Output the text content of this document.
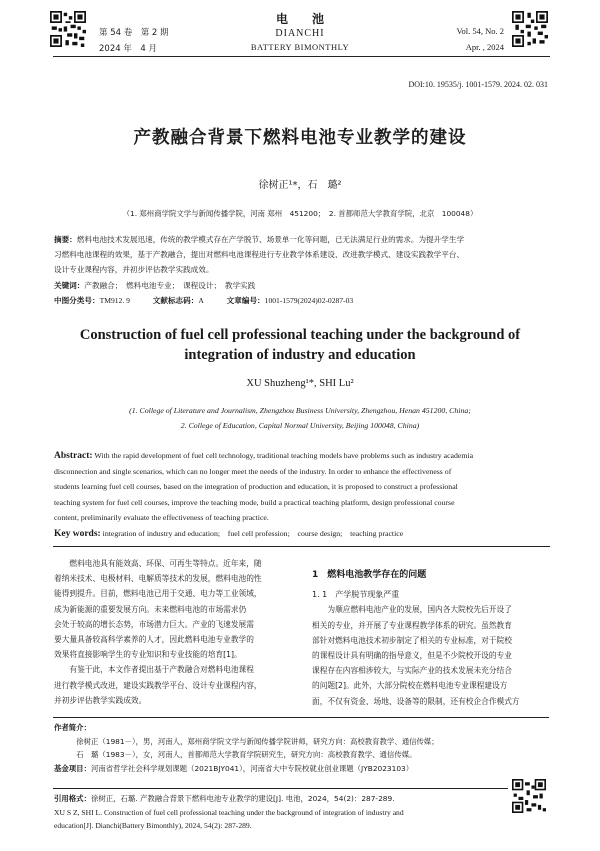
第 54 卷　第 2 期
2024 年　4 月
电　　池
DIANCHI
BATTERY BIMONTHLY
Vol. 54, No. 2
Apr. , 2024
DOI:10. 19535/j. 1001-1579. 2024. 02. 031
产教融合背景下燃料电池专业教学的建设
徐树正¹*，石　璐²
（1. 郑州商学院文学与新闻传播学院，河南 郑州　451200；　2. 首都师范大学教育学院，北京　100048）
摘要：燃料电池技术发展迅速，传统的教学模式存在产学脱节、场景单一化等问题，已无法满足行业的需求。为提升学生学
习燃料电池课程的效果，基于产教融合，提出对燃料电池课程进行专业教学体系建设、改进教学模式、建设实践教学平台、
设计专业课程内容，并初步评估教学实践成效。
关键词：产教融合；　燃料电池专业；　课程设计；　教学实践
中图分类号：TM912. 9	文献标志码：A	文章编号：1001-1579(2024)02-0287-03
Construction of fuel cell professional teaching under the background of
integration of industry and education
XU Shuzheng¹*, SHI Lu²
(1. College of Literature and Journalism, Zhengzhou Business University, Zhengzhou, Henan 451200, China;
2. College of Education, Capital Normal University, Beijing 100048, China)
Abstract: With the rapid development of fuel cell technology, traditional teaching models have problems such as industry academia
disconnection and single scenarios, which can no longer meet the needs of the industry. In order to enhance the effectiveness of
students learning fuel cell courses, based on the integration of production and education, it is proposed to construct a professional
teaching system for fuel cell courses, improve the teaching mode, build a practical teaching platform, design professional course
content, preliminarily evaluate the effectiveness of teaching practice.
Key words: integration of industry and education;　fuel cell profession;　course design;　teaching practice
燃料电池具有能效高、环保、可再生等特点。近年来，随
着纳米技术、电极材料、电解质等技术的发展，燃料电池的性
能得到提升。目前，燃料电池已用于交通、电力等工业领域，
成为新能源的重要发展方向。未来燃料电池的市场需求仍
会处于较高的增长态势，市场潜力巨大。产业的飞速发展需
要大量具备较高科学素养的人才，因此燃料电池专业教学的
效果将直接影响学生的专业知识和专业技能的培育[1]。
有鉴于此，本文作者提出基于产教融合对燃料电池课程
进行教学模式改进，建设实践教学平台、设计专业课程内容，
并初步评估教学实践成效。
1　燃料电池教学存在的问题
1. 1　产学脱节现象严重
为顺应燃料电池产业的发展，国内各大院校先后开设了
相关的专业，并开展了专业课程教学体系的研究。虽然教育
部针对燃料电池技术初步制定了相关的专业标准，对于院校
的课程设计具有明确的指导意义，但是不少院校开设的专业
课程存在内容相涉较大，与实际产业的技术发展未充分结合
的问题[2]。此外，大部分院校在燃料电池专业课程建设方
面，不仅有资金、场地、设备等的限制，还有校企合作模式方
作者简介：
徐树正（1981－），男，河南人，郑州商学院文学与新闻传播学院讲师，研究方向：高校教育教学、通信传媒；
石　璐（1983－），女，河南人，首都师范大学教育学院研究生，研究方向：高校教育教学、通信传媒。
基金项目：河南省哲学社会科学规划课题（2021BJY041），河南省大中专院校就业创业课题（JYB2023103）
引用格式：徐树正，石璐. 产教融合背景下燃料电池专业教学的建设[J]. 电池，2024，54(2)：287-289.
XU S Z, SHI L. Construction of fuel cell professional teaching under the background of integration of industry and
education[J]. Dianchi(Battery Bimonthly), 2024, 54(2): 287-289.
